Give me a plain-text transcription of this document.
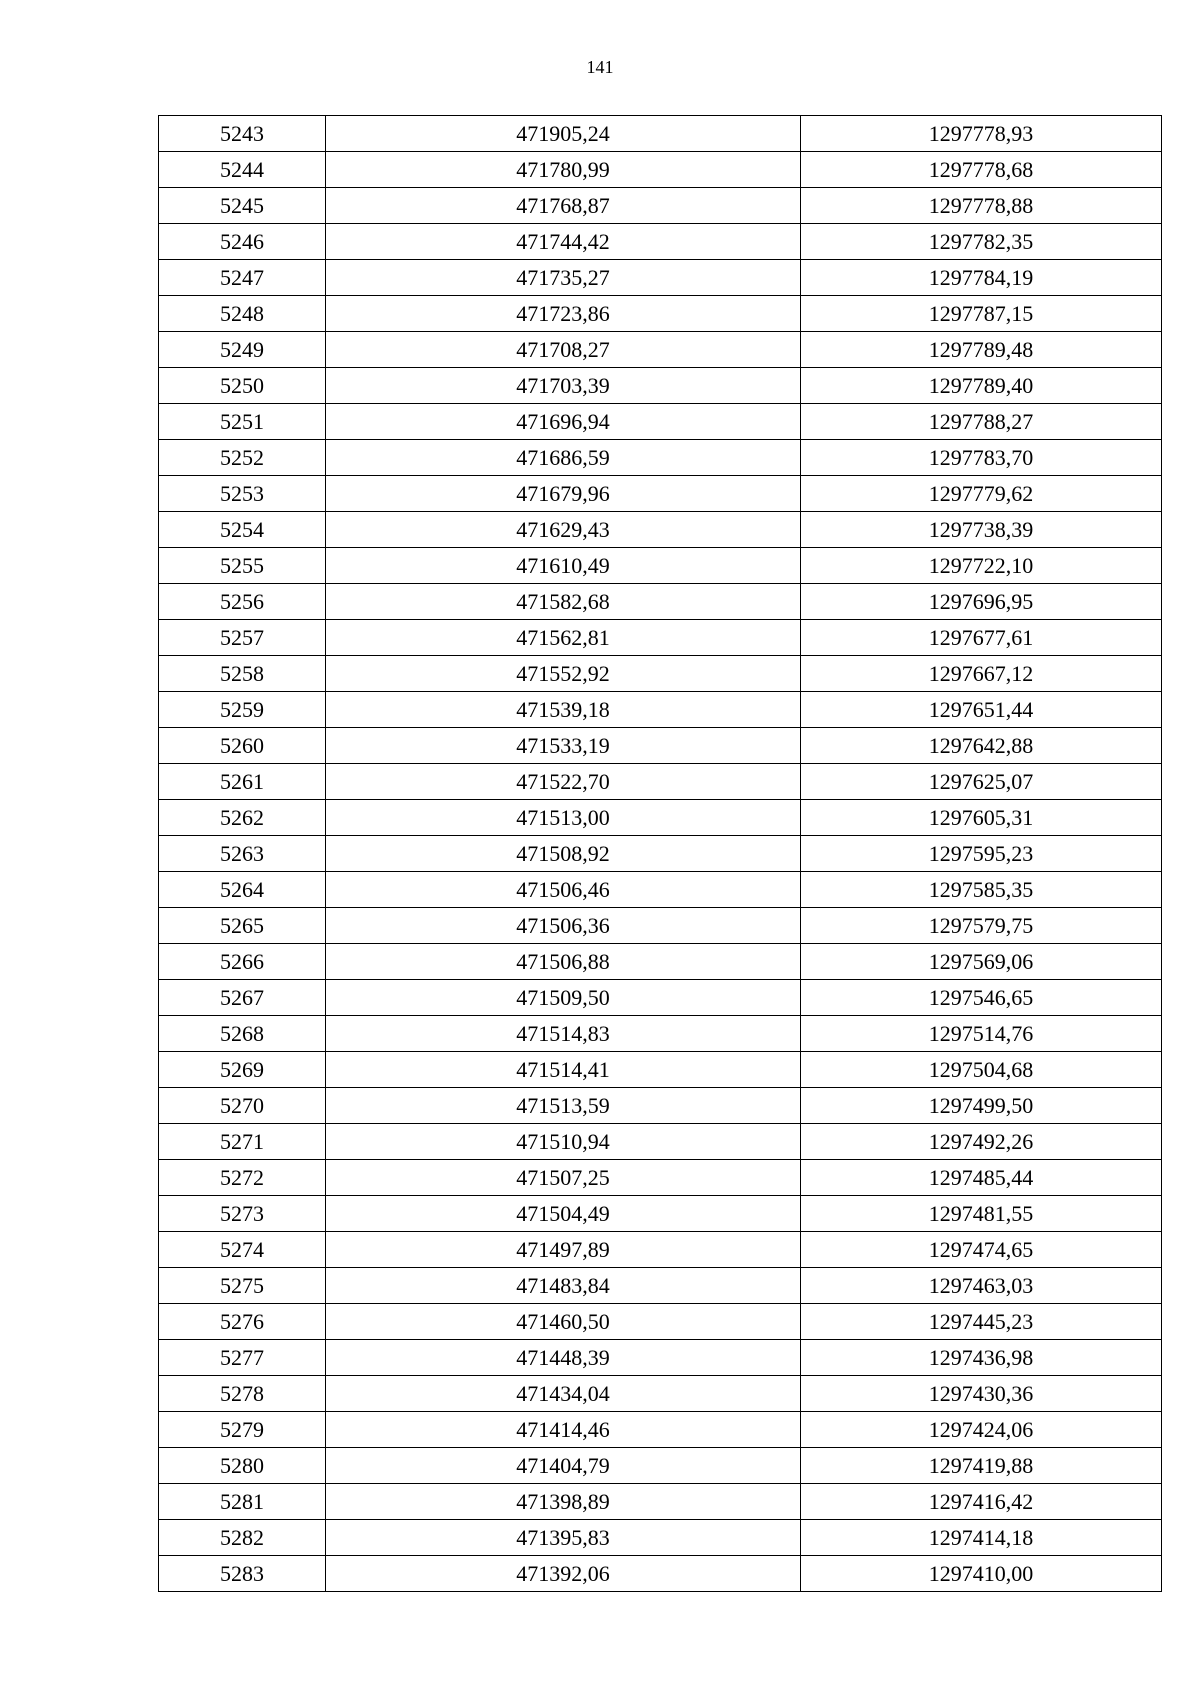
141
5243	471905,24	1297778,93
5244	471780,99	1297778,68
5245	471768,87	1297778,88
5246	471744,42	1297782,35
5247	471735,27	1297784,19
5248	471723,86	1297787,15
5249	471708,27	1297789,48
5250	471703,39	1297789,40
5251	471696,94	1297788,27
5252	471686,59	1297783,70
5253	471679,96	1297779,62
5254	471629,43	1297738,39
5255	471610,49	1297722,10
5256	471582,68	1297696,95
5257	471562,81	1297677,61
5258	471552,92	1297667,12
5259	471539,18	1297651,44
5260	471533,19	1297642,88
5261	471522,70	1297625,07
5262	471513,00	1297605,31
5263	471508,92	1297595,23
5264	471506,46	1297585,35
5265	471506,36	1297579,75
5266	471506,88	1297569,06
5267	471509,50	1297546,65
5268	471514,83	1297514,76
5269	471514,41	1297504,68
5270	471513,59	1297499,50
5271	471510,94	1297492,26
5272	471507,25	1297485,44
5273	471504,49	1297481,55
5274	471497,89	1297474,65
5275	471483,84	1297463,03
5276	471460,50	1297445,23
5277	471448,39	1297436,98
5278	471434,04	1297430,36
5279	471414,46	1297424,06
5280	471404,79	1297419,88
5281	471398,89	1297416,42
5282	471395,83	1297414,18
5283	471392,06	1297410,00
